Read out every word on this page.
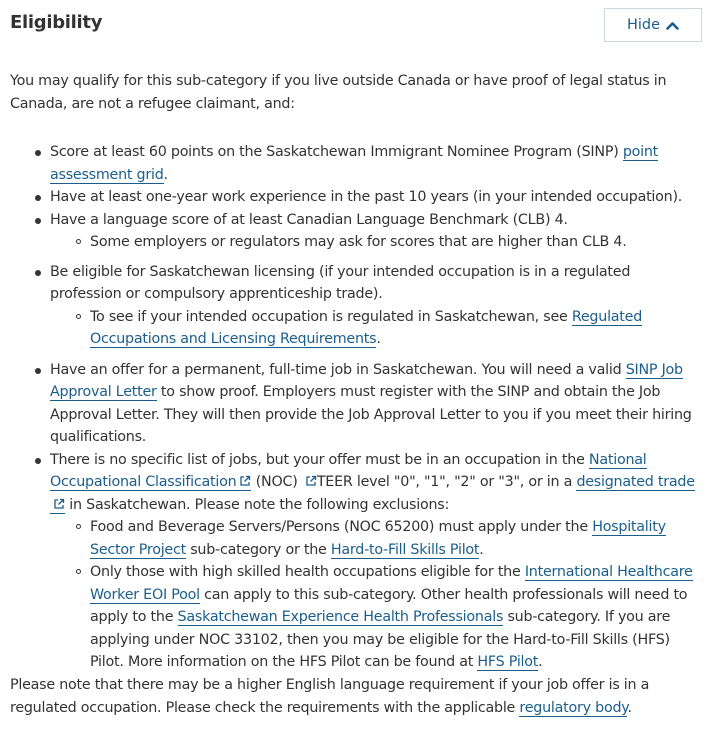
Eligibility	Hide

You may qualify for this sub-category if you live outside Canada or have proof of legal status in Canada, are not a refugee claimant, and:

Score at least 60 points on the Saskatchewan Immigrant Nominee Program (SINP) point assessment grid.
Have at least one-year work experience in the past 10 years (in your intended occupation).
Have a language score of at least Canadian Language Benchmark (CLB) 4.
Some employers or regulators may ask for scores that are higher than CLB 4.
Be eligible for Saskatchewan licensing (if your intended occupation is in a regulated profession or compulsory apprenticeship trade).
To see if your intended occupation is regulated in Saskatchewan, see Regulated Occupations and Licensing Requirements.
Have an offer for a permanent, full-time job in Saskatchewan. You will need a valid SINP Job Approval Letter to show proof. Employers must register with the SINP and obtain the Job Approval Letter. They will then provide the Job Approval Letter to you if you meet their hiring qualifications.
There is no specific list of jobs, but your offer must be in an occupation in the National Occupational Classification (NOC) TEER level "0", "1", "2" or "3", or in a designated trade in Saskatchewan. Please note the following exclusions:
Food and Beverage Servers/Persons (NOC 65200) must apply under the Hospitality Sector Project sub-category or the Hard-to-Fill Skills Pilot.
Only those with high skilled health occupations eligible for the International Healthcare Worker EOI Pool can apply to this sub-category. Other health professionals will need to apply to the Saskatchewan Experience Health Professionals sub-category. If you are applying under NOC 33102, then you may be eligible for the Hard-to-Fill Skills (HFS) Pilot. More information on the HFS Pilot can be found at HFS Pilot.

Please note that there may be a higher English language requirement if your job offer is in a regulated occupation. Please check the requirements with the applicable regulatory body.
